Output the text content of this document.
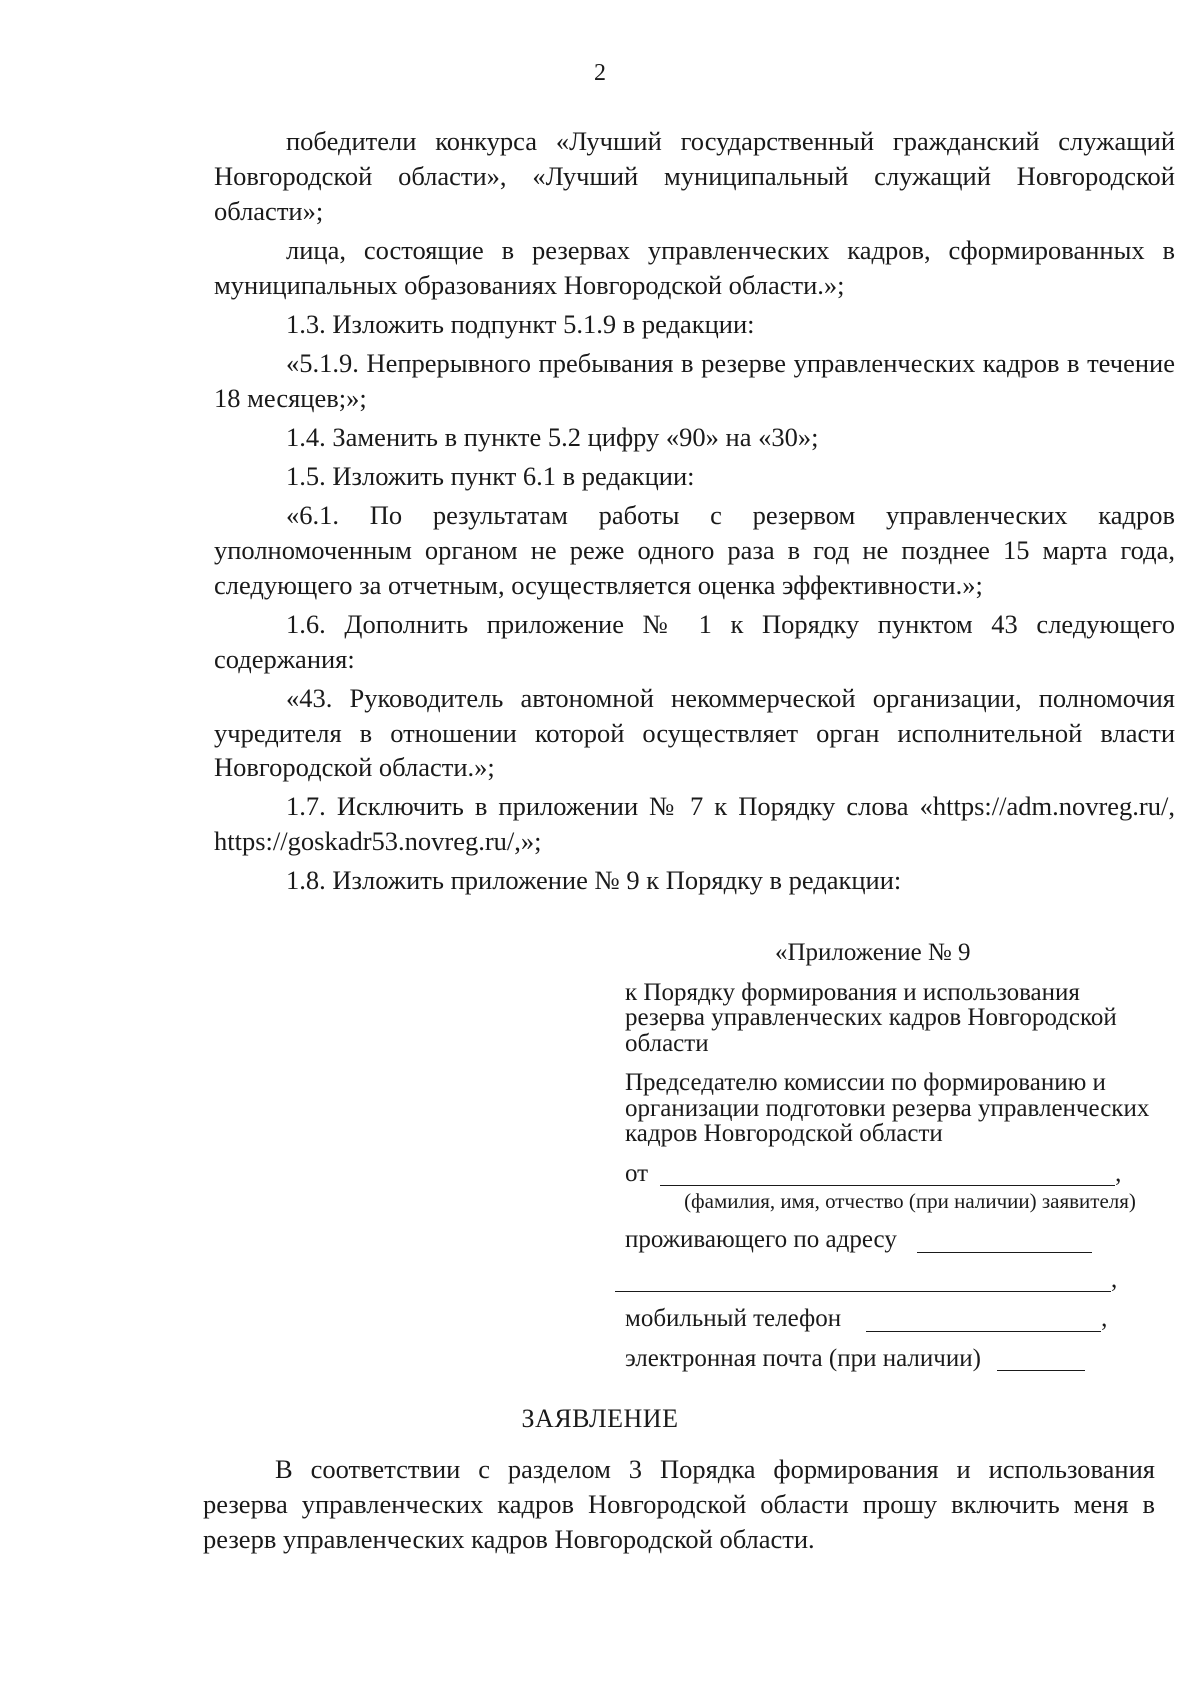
2

победители конкурса «Лучший государственный гражданский служащий Новгородской области», «Лучший муниципальный служащий Новгородской области»;

лица, состоящие в резервах управленческих кадров, сформированных в муниципальных образованиях Новгородской области.»;

1.3. Изложить подпункт 5.1.9 в редакции:

«5.1.9. Непрерывного пребывания в резерве управленческих кадров в течение 18 месяцев;»;

1.4. Заменить в пункте 5.2 цифру «90» на «30»;

1.5. Изложить пункт 6.1 в редакции:

«6.1. По результатам работы с резервом управленческих кадров уполномоченным органом не реже одного раза в год не позднее 15 марта года, следующего за отчетным, осуществляется оценка эффективности.»;

1.6. Дополнить приложение № 1 к Порядку пунктом 43 следующего содержания:

«43. Руководитель автономной некоммерческой организации, полномочия учредителя в отношении которой осуществляет орган исполнительной власти Новгородской области.»;

1.7. Исключить в приложении № 7 к Порядку слова «https://adm.novreg.ru/, https://goskadr53.novreg.ru/,»;

1.8. Изложить приложение № 9 к Порядку в редакции:

«Приложение № 9
к Порядку формирования и использования резерва управленческих кадров Новгородской области
Председателю комиссии по формированию и организации подготовки резерва управленческих кадров Новгородской области
от	,
(фамилия, имя, отчество (при наличии) заявителя)
проживающего по адресу
,
мобильный телефон	,
электронная почта (при наличии)
ЗАЯВЛЕНИЕ

В соответствии с разделом 3 Порядка формирования и использования резерва управленческих кадров Новгородской области прошу включить меня в резерв управленческих кадров Новгородской области.
